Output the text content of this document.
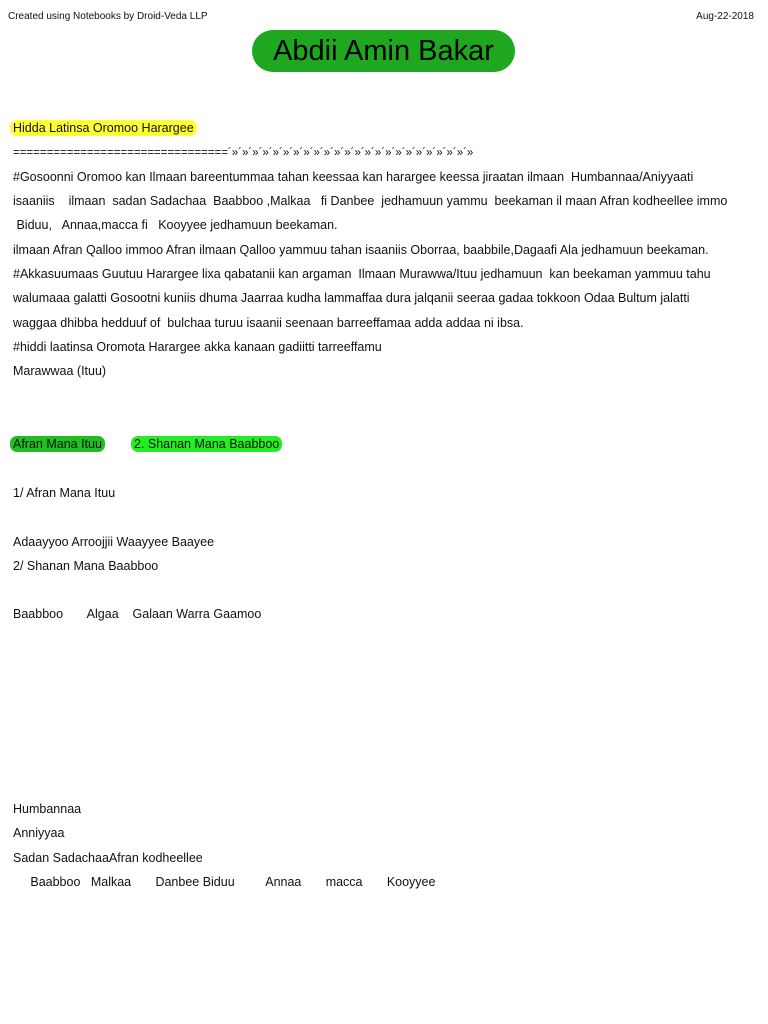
Created using Notebooks by Droid-Veda LLP	Aug-22-2018
Abdii Amin Bakar
Hidda Latinsa Oromoo Harargee
================================´»´»´»´»´»´»´»´»´»´»´»´»´»´»´»´»´»´»´»´»´»´»´»´»
#Gosoonni Oromoo kan Ilmaan bareentummaa tahan keessaa kan harargee keessa jiraatan ilmaan  Humbannaa/Aniyyaati
isaaniis    ilmaan  sadan Sadachaa  Baabboo ,Malkaa   fi Danbee  jedhamuun yammu  beekaman il maan Afran kodheellee immo
Biduu,   Annaa,macca fi   Kooyyee jedhamuun beekaman.
ilmaan Afran Qalloo immoo Afran ilmaan Qalloo yammuu tahan isaaniis Oborraa, baabbile,Dagaafi Ala jedhamuun beekaman.
#Akkasuumaas Guutuu Harargee lixa qabatanii kan argaman  Ilmaan Murawwa/Ituu jedhamuun  kan beekaman yammuu tahu
walumaaa galatti Gosootni kuniis dhuma Jaarraa kudha lammaffaa dura jalqanii seeraa gadaa tokkoon Odaa Bultum jalatti
waggaa dhibba hedduuf of  bulchaa turuu isaanii seenaan barreeffamaa adda addaa ni ibsa.
#hiddi laatinsa Oromota Harargee akka kanaan gadiitti tarreeffamu
Marawwaa (Ituu)
Afran Mana Ituu	2. Shanan Mana Baabboo
1/ Afran Mana Ituu
Adaayyoo Arroojjii Waayyee Baayee
2/ Shanan Mana Baabboo
Baabboo       Algaa    Galaan Warra Gaamoo
Humbannaa
Anniyyaa
Sadan SadachaaAfran kodheellee
Baabboo   Malkaa       Danbee Biduu         Annaa       macca       Kooyyee
